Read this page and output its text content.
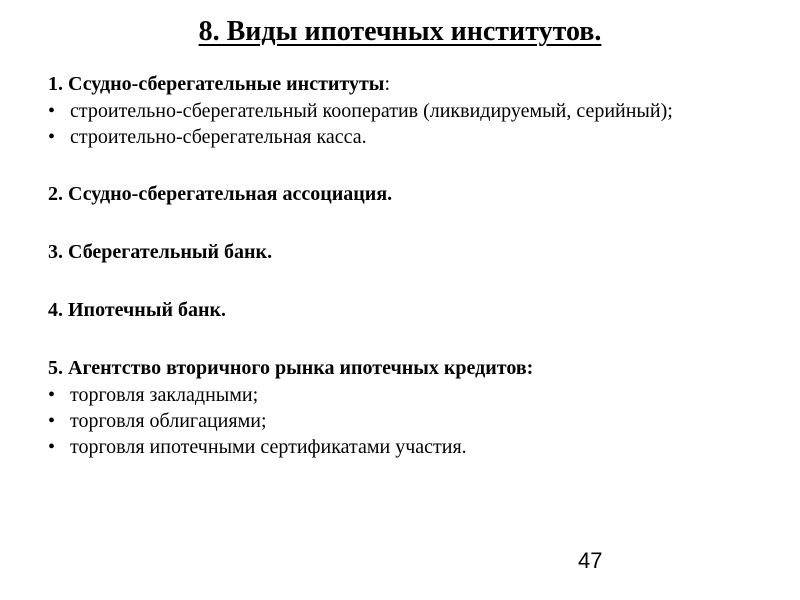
8. Виды ипотечных институтов.
1. Ссудно-сберегательные институты:
• строительно-сберегательный кооператив (ликвидируемый, серийный);
• строительно-сберегательная касса.
2. Ссудно-сберегательная ассоциация.
3. Сберегательный банк.
4. Ипотечный банк.
5. Агентство вторичного рынка ипотечных кредитов:
• торговля закладными;
• торговля облигациями;
• торговля ипотечными сертификатами участия.
47
